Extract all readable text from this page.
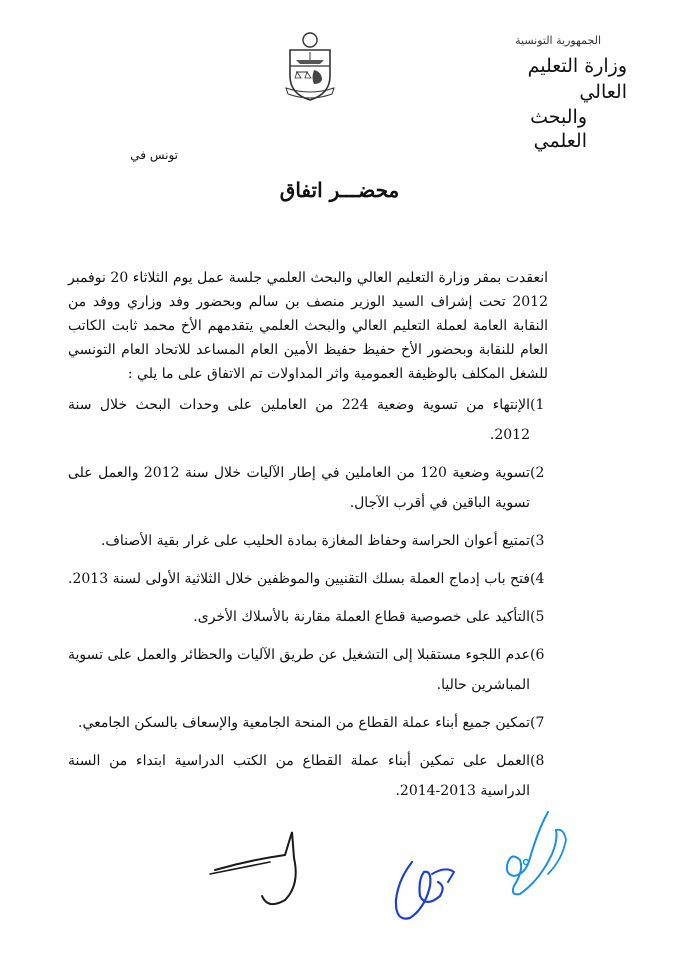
الجمهورية التونسية
وزارة التعليم العالي
والبحث العلمي
تونس في
محضـــر اتفاق

انعقدت بمقر وزارة التعليم العالي والبحث العلمي جلسة عمل يوم الثلاثاء 20 نوفمبر 2012 تحت إشراف السيد الوزير منصف بن سالم وبحضور وفد وزاري ووفد من النقابة العامة لعملة التعليم العالي والبحث العلمي يتقدمهم الأخ محمد ثابت الكاتب العام للنقابة وبحضور الأخ حفيظ حفيظ الأمين العام المساعد للاتحاد العام التونسي للشغل المكلف بالوظيفة العمومية واثر المداولات تم الاتفاق على ما يلي :

1)
الإنتهاء من تسوية وضعية 224 من العاملين على وحدات البحث خلال سنة 2012.
2)
تسوية وضعية 120 من العاملين في إطار الآليات خلال سنة 2012 والعمل على تسوية الباقين في أقرب الآجال.
3)
تمتيع أعوان الحراسة وحفاظ المغازة بمادة الحليب على غرار بقية الأصناف.
4)
فتح باب إدماج العملة بسلك التقنيين والموظفين خلال الثلاثية الأولى لسنة 2013.
5)
التأكيد على خصوصية قطاع العملة مقارنة بالأسلاك الأخرى.
6)
عدم اللجوء مستقبلا إلى التشغيل عن طريق الآليات والحظائر والعمل على تسوية المباشرين حاليا.
7)
تمكين جميع أبناء عملة القطاع من المنحة الجامعية والإسعاف بالسكن الجامعي.
8)
العمل على تمكين أبناء عملة القطاع من الكتب الدراسية ابتداء من السنة الدراسية 2013-2014.
